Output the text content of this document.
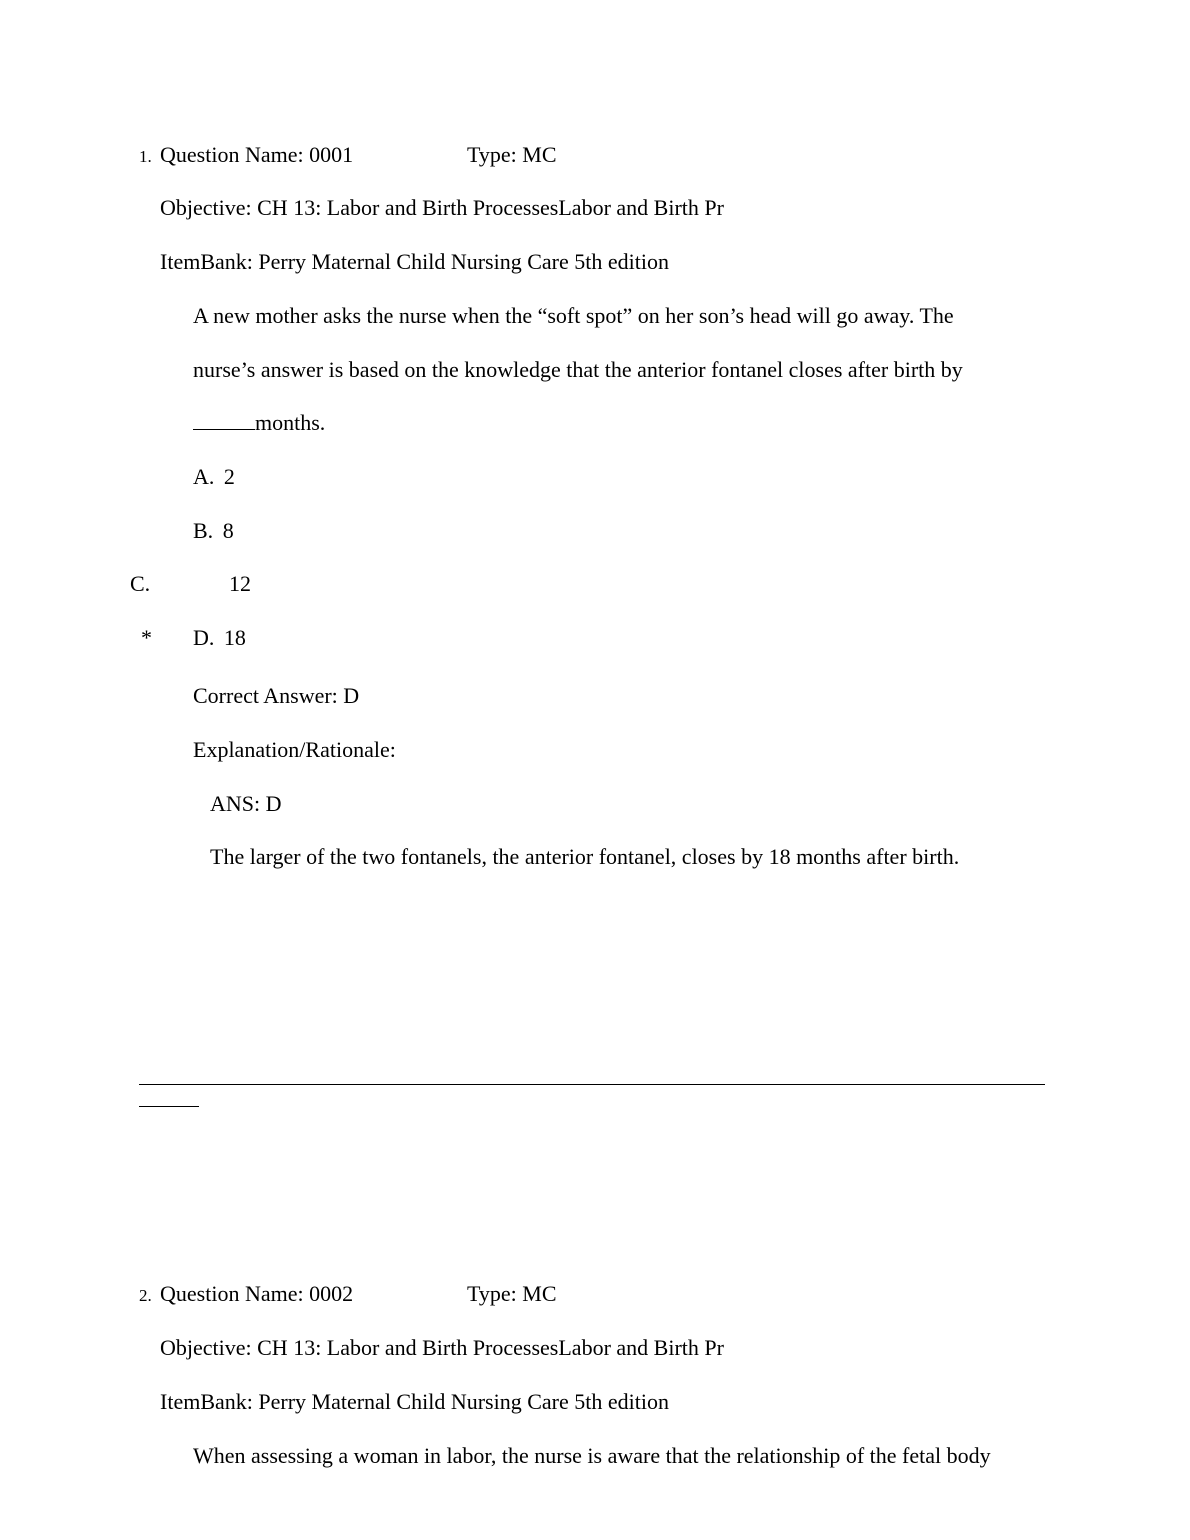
1. Question Name: 0001	Type: MC
Objective: CH 13: Labor and Birth ProcessesLabor and Birth Pr
ItemBank: Perry Maternal Child Nursing Care 5th edition
A new mother asks the nurse when the “soft spot” on her son’s head will go away. The
nurse’s answer is based on the knowledge that the anterior fontanel closes after birth by
months.
A. 2
B. 8
C.	12
* D. 18
Correct Answer: D
Explanation/Rationale:
ANS: D
The larger of the two fontanels, the anterior fontanel, closes by 18 months after birth.
2. Question Name: 0002	Type: MC
Objective: CH 13: Labor and Birth ProcessesLabor and Birth Pr
ItemBank: Perry Maternal Child Nursing Care 5th edition
When assessing a woman in labor, the nurse is aware that the relationship of the fetal body
